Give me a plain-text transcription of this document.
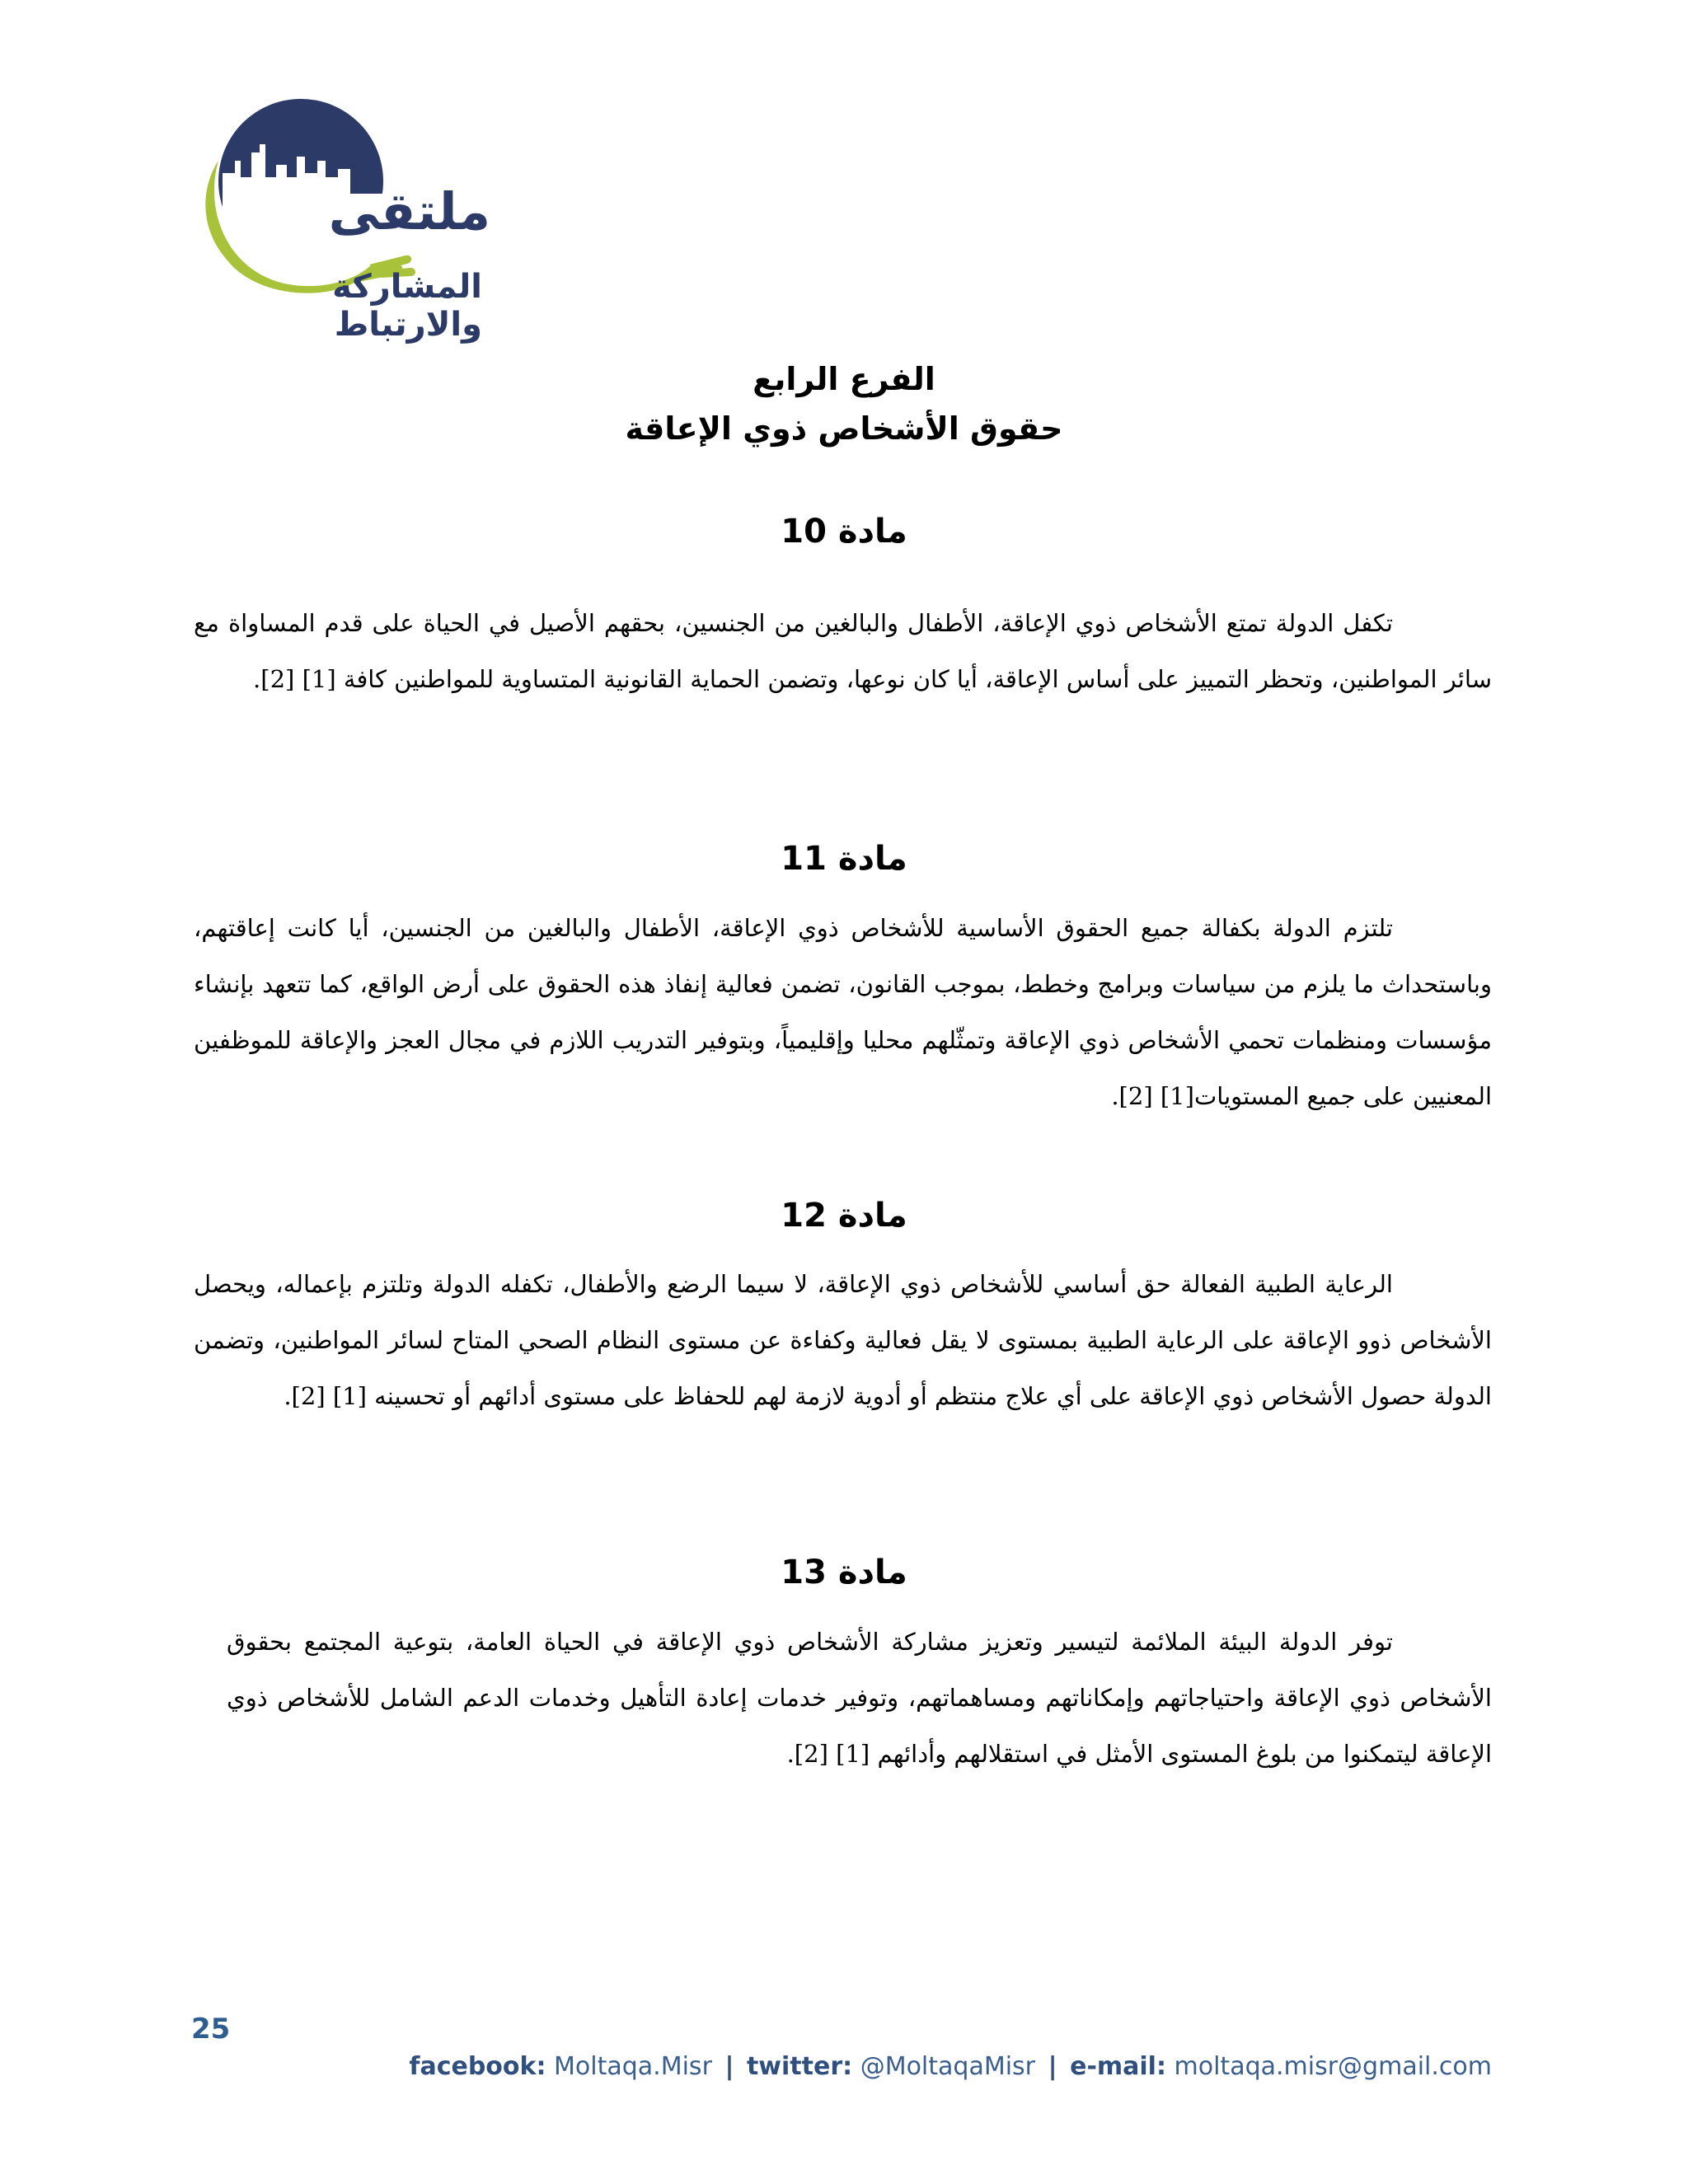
ملتقى
المشاركة والارتباط
الفرع الرابع
حقوق الأشخاص ذوي الإعاقة
مادة 10
تكفل الدولة تمتع الأشخاص ذوي الإعاقة، الأطفال والبالغين من الجنسين، بحقهم الأصيل في الحياة على قدم المساواة مع سائر المواطنين، وتحظر التمييز على أساس الإعاقة، أيا كان نوعها، وتضمن الحماية القانونية المتساوية للمواطنين كافة [1] [2].
مادة 11
تلتزم الدولة بكفالة جميع الحقوق الأساسية للأشخاص ذوي الإعاقة، الأطفال والبالغين من الجنسين، أيا كانت إعاقتهم، وباستحداث ما يلزم من سياسات وبرامج وخطط، بموجب القانون، تضمن فعالية إنفاذ هذه الحقوق على أرض الواقع، كما تتعهد بإنشاء مؤسسات ومنظمات تحمي الأشخاص ذوي الإعاقة وتمثّلهم محليا وإقليمياً، وبتوفير التدريب اللازم في مجال العجز والإعاقة للموظفين المعنيين على جميع المستويات[1] [2].
مادة 12
الرعاية الطبية الفعالة حق أساسي للأشخاص ذوي الإعاقة، لا سيما الرضع والأطفال، تكفله الدولة وتلتزم بإعماله، ويحصل الأشخاص ذوو الإعاقة على الرعاية الطبية بمستوى لا يقل فعالية وكفاءة عن مستوى النظام الصحي المتاح لسائر المواطنين، وتضمن الدولة حصول الأشخاص ذوي الإعاقة على أي علاج منتظم أو أدوية لازمة لهم للحفاظ على مستوى أدائهم أو تحسينه [1] [2].
مادة 13
توفر الدولة البيئة الملائمة لتيسير وتعزيز مشاركة الأشخاص ذوي الإعاقة في الحياة العامة، بتوعية المجتمع بحقوق الأشخاص ذوي الإعاقة واحتياجاتهم وإمكاناتهم ومساهماتهم، وتوفير خدمات إعادة التأهيل وخدمات الدعم الشامل للأشخاص ذوي الإعاقة ليتمكنوا من بلوغ المستوى الأمثل في استقلالهم وأدائهم [1] [2].
25
facebook: Moltaqa.Misr | twitter: @MoltaqaMisr | e-mail: moltaqa.misr@gmail.com
